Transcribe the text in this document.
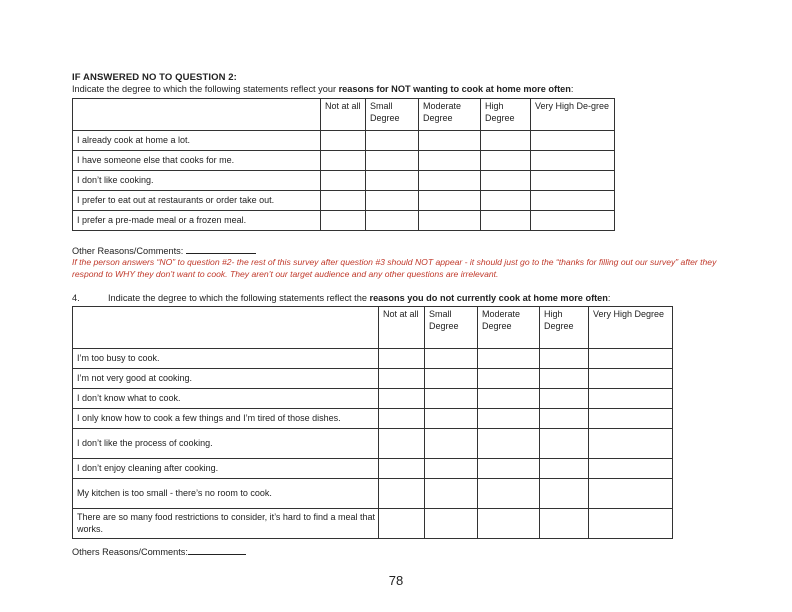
IF ANSWERED NO TO QUESTION 2:
Indicate the degree to which the following statements reflect your reasons for NOT wanting to cook at home more often:
	Not at all	Small Degree	Moderate Degree	High Degree	Very High De-gree
I already cook at home a lot.					
I have someone else that cooks for me.					
I don’t like cooking.					
I prefer to eat out at restaurants or order take out.					
I prefer a pre-made meal or a frozen meal.					
Other Reasons/Comments:
If the person answers “NO” to question #2- the rest of this survey after question #3 should NOT appear - it should just go to the “thanks for filling out our survey” after they respond to WHY they don’t want to cook. They aren’t our target audience and any other questions are irrelevant.
4.	Indicate the degree to which the following statements reflect the reasons you do not currently cook at home more often:
	Not at all	Small Degree	Moderate Degree	High Degree	Very High Degree
I’m too busy to cook.					
I’m not very good at cooking.					
I don’t know what to cook.					
I only know how to cook a few things and I’m tired of those dishes.					
I don’t like the process of cooking.					
I don’t enjoy cleaning after cooking.					
My kitchen is too small - there’s no room to cook.					
There are so many food restrictions to consider, it’s hard to find a meal that works.					
Others Reasons/Comments:
78
